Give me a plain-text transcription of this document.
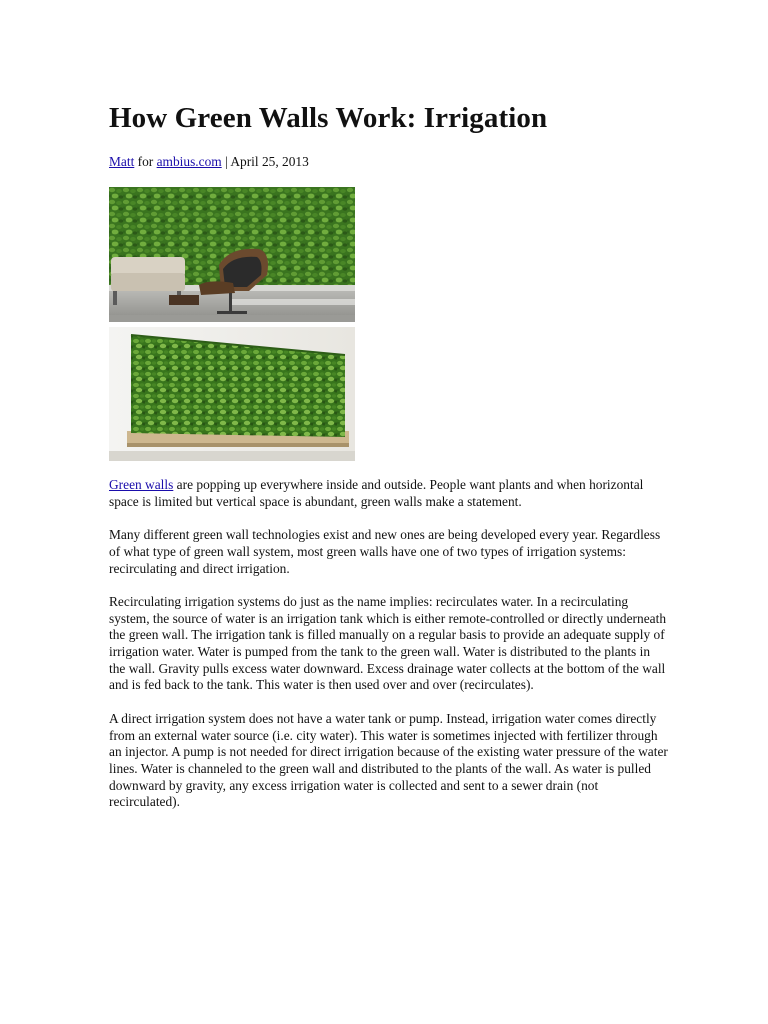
How Green Walls Work: Irrigation
Matt for ambius.com | April 25, 2013

Green walls are popping up everywhere inside and outside. People want plants and when horizontal space is limited but vertical space is abundant, green walls make a statement.

Many different green wall technologies exist and new ones are being developed every year. Regardless of what type of green wall system, most green walls have one of two types of irrigation systems: recirculating and direct irrigation.

Recirculating irrigation systems do just as the name implies: recirculates water. In a recirculating system, the source of water is an irrigation tank which is either remote-controlled or directly underneath the green wall. The irrigation tank is filled manually on a regular basis to provide an adequate supply of irrigation water. Water is pumped from the tank to the green wall. Water is distributed to the plants in the wall. Gravity pulls excess water downward. Excess drainage water collects at the bottom of the wall and is fed back to the tank. This water is then used over and over (recirculates).

A direct irrigation system does not have a water tank or pump. Instead, irrigation water comes directly from an external water source (i.e. city water). This water is sometimes injected with fertilizer through an injector. A pump is not needed for direct irrigation because of the existing water pressure of the water lines. Water is channeled to the green wall and distributed to the plants of the wall. As water is pulled downward by gravity, any excess irrigation water is collected and sent to a sewer drain (not recirculated).
